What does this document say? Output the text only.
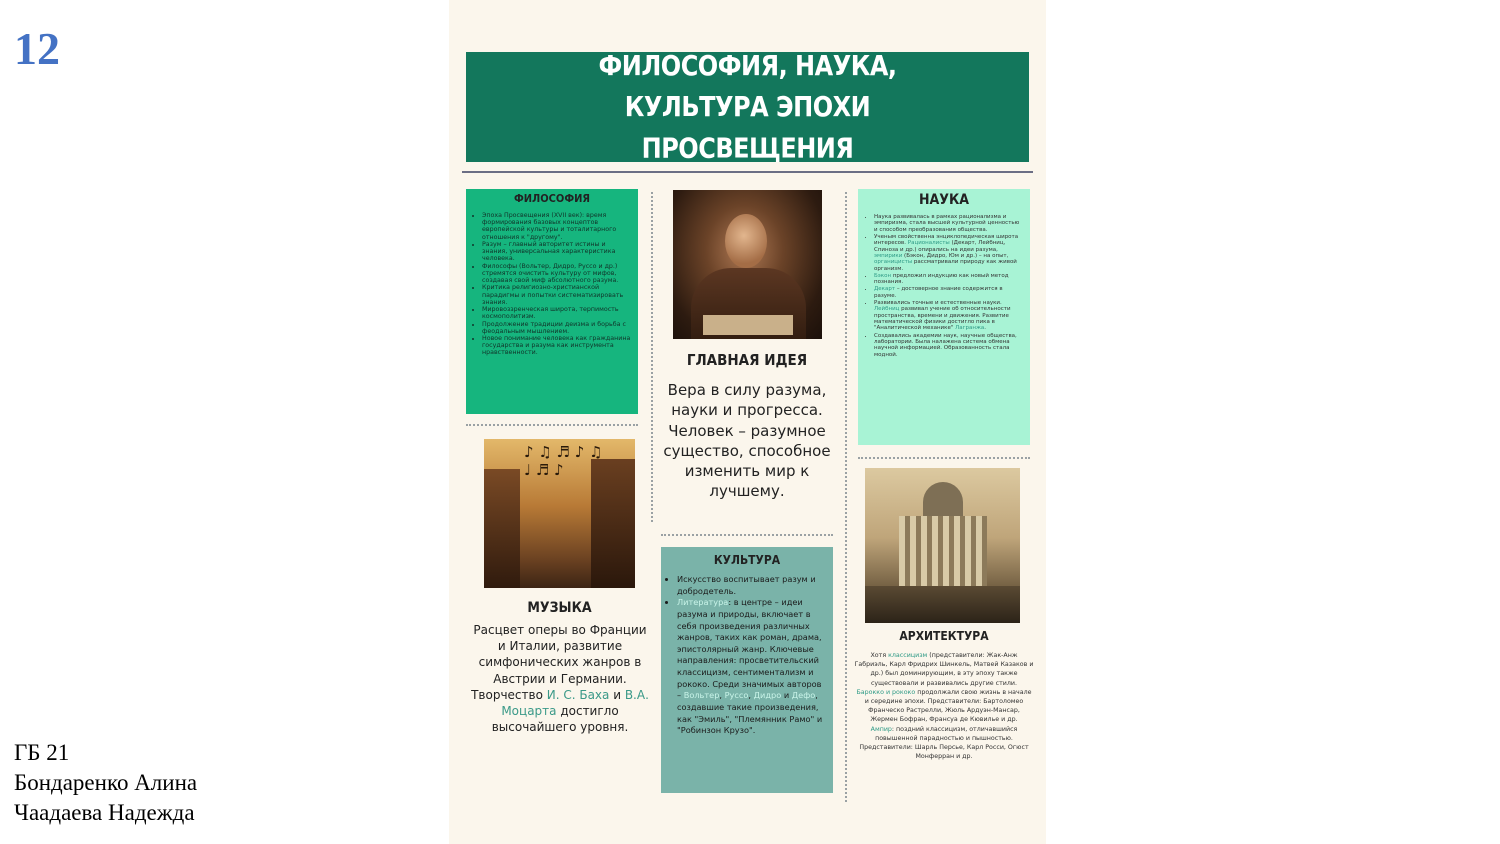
12
ГБ 21
Бондаренко Алина
Чаадаева Надежда
ФИЛОСОФИЯ, НАУКА, КУЛЬТУРА ЭПОХИ ПРОСВЕЩЕНИЯ
ФИЛОСОФИЯ
• Эпоха Просвещения (XVII век): время формирования базовых концептов европейской культуры и тоталитарного отношения к "другому".
• Разум – главный авторитет истины и знания, универсальная характеристика человека.
• Философы (Вольтер, Дидро, Руссо и др.) стремятся очистить культуру от мифов, создавая свой миф абсолютного разума.
• Критика религиозно-христианской парадигмы и попытки систематизировать знания.
• Мировоззренческая широта, терпимость космополитизм.
• Продолжение традиции деизма и борьба с феодальным мышлением.
• Новое понимание человека как гражданина государства и разума как инструмента нравственности.	ГЛАВНАЯ ИДЕЯ
Вера в силу разума, науки и прогресса. Человек – разумное существо, способное изменить мир к лучшему.
НАУКА
• Наука развивалась в рамках рационализма и эмпиризма, стала высшей культурной ценностью и способом преобразования общества.
• Ученым свойственна энциклопедическая широта интересов. Рационалисты (Декарт, Лейбниц, Спиноза и др.) опирались на идеи разума, эмпирики (Бэкон, Дидро, Юм и др.) – на опыт, органицисты рассматривали природу как живой организм.
• Бэкон предложил индукцию как новый метод познания.
• Декарт – достоверное знание содержится в разуме.
• Развивались точные и естественные науки. Лейбниц развивал учение об относительности пространства, времени и движения. Развитие математической физики достигло пика в "Аналитической механике" Лагранжа.
• Создавались академии наук, научные общества, лаборатории. Была налажена система обмена научной информацией. Образованность стала модной.
♪ ♫ ♬ ♪ ♫ ♩ ♬ ♪
МУЗЫКА
Расцвет оперы во Франции и Италии, развитие симфонических жанров в Австрии и Германии. Творчество И. С. Баха и В.А. Моцарта достигло высочайшего уровня.
КУЛЬТУРА
• Искусство воспитывает разум и добродетель.
• Литература: в центре – идеи разума и природы, включает в себя произведения различных жанров, таких как роман, драма, эпистолярный жанр. Ключевые направления: просветительский классицизм, сентиментализм и рококо. Среди значимых авторов – Вольтер, Руссо, Дидро и Дефо, создавшие такие произведения, как "Эмиль", "Племянник Рамо" и "Робинзон Крузо".
АРХИТЕКТУРА

Хотя классицизм (представители: Жак-Анж Габриэль, Карл Фридрих Шинкель, Матвей Казаков и др.) был доминирующим, в эту эпоху также существовали и развивались другие стили.

Барокко и рококо продолжали свою жизнь в начале и середине эпохи. Представители: Бартоломео Франческо Растрелли, Жюль Ардуэн-Мансар, Жермен Бофран, Франсуа де Кювилье и др.

Ампир: поздний классицизм, отличавшийся повышенной парадностью и пышностью. Представители: Шарль Персье, Карл Росси, Огюст Монферран и др.
